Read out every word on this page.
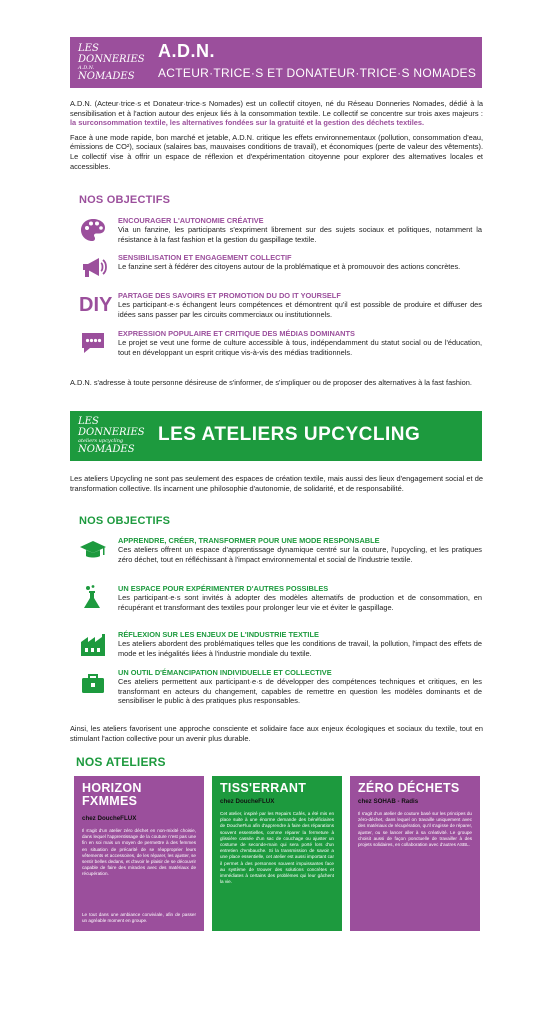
LES DONNERIES
A.D.N.
NOMADES
A.D.N.
ACTEUR·TRICE·S ET DONATEUR·TRICE·S NOMADES

A.D.N. (Acteur·trice·s et Donateur·trice·s Nomades) est un collectif citoyen, né du Réseau Donneries Nomades, dédié à la sensibilisation et à l'action autour des enjeux liés à la consommation textile. Le collectif se concentre sur trois axes majeurs : la surconsommation textile, les alternatives fondées sur la gratuité et la gestion des déchets textiles.

Face à une mode rapide, bon marché et jetable, A.D.N. critique les effets environnementaux (pollution, consommation d'eau, émissions de CO²), sociaux (salaires bas, mauvaises conditions de travail), et économiques (perte de valeur des vêtements). Le collectif vise à offrir un espace de réflexion et d'expérimentation citoyenne pour explorer des alternatives locales et accessibles.

NOS OBJECTIFS
ENCOURAGER L'AUTONOMIE CRÉATIVE
Via un fanzine, les participants s'expriment librement sur des sujets sociaux et politiques, notamment la résistance à la fast fashion et la gestion du gaspillage textile.
SENSIBILISATION ET ENGAGEMENT COLLECTIF
Le fanzine sert à fédérer des citoyens autour de la problématique et à promouvoir des actions concrètes.
DIY PARTAGE DES SAVOIRS ET PROMOTION DU DO IT YOURSELF
Les participant·e·s échangent leurs compétences et démontrent qu'il est possible de produire et diffuser des idées sans passer par les circuits commerciaux ou institutionnels.
EXPRESSION POPULAIRE ET CRITIQUE DES MÉDIAS DOMINANTS
Le projet se veut une forme de culture accessible à tous, indépendamment du statut social ou de l'éducation, tout en développant un esprit critique vis-à-vis des médias traditionnels.

A.D.N. s'adresse à toute personne désireuse de s'informer, de s'impliquer ou de proposer des alternatives à la fast fashion.

LES DONNERIES
ateliers upcycling
NOMADES
LES ATELIERS UPCYCLING

Les ateliers Upcycling ne sont pas seulement des espaces de création textile, mais aussi des lieux d'engagement social et de transformation collective. Ils incarnent une philosophie d'autonomie, de solidarité, et de responsabilité.

NOS OBJECTIFS
APPRENDRE, CRÉER, TRANSFORMER POUR UNE MODE RESPONSABLE
Ces ateliers offrent un espace d'apprentissage dynamique centré sur la couture, l'upcycling, et les pratiques zéro déchet, tout en réfléchissant à l'impact environnemental et social de l'industrie textile.
UN ESPACE POUR EXPÉRIMENTER D'AUTRES POSSIBLES
Les participant·e·s sont invités à adopter des modèles alternatifs de production et de consommation, en récupérant et transformant des textiles pour prolonger leur vie et éviter le gaspillage.
RÉFLEXION SUR LES ENJEUX DE L'INDUSTRIE TEXTILE
Les ateliers abordent des problématiques telles que les conditions de travail, la pollution, l'impact des effets de mode et les inégalités liées à l'industrie mondiale du textile.
UN OUTIL D'ÉMANCIPATION INDIVIDUELLE ET COLLECTIVE
Ces ateliers permettent aux participant·e·s de développer des compétences techniques et critiques, en les transformant en acteurs du changement, capables de remettre en question les modèles dominants et de sensibiliser le public à des pratiques plus responsables.

Ainsi, les ateliers favorisent une approche consciente et solidaire face aux enjeux écologiques et sociaux du textile, tout en stimulant l'action collective pour un avenir plus durable.

NOS ATELIERS
HORIZON
FXMMES
chez DoucheFLUX
Il s'agit d'un atelier zéro déchet en non-mixité choisie, dans lequel l'apprentissage de la couture n'est pas une fin en soi mais un moyen de permettre à des femmes en situation de précarité de se réapproprier leurs vêtements et accessoires, de les réparer, les ajuster, se sentir belles dedans, et d'avoir le plaisir de se découvrir capable de faire des miracles avec des matériaux de récupération.
Le tout dans une ambiance conviviale, afin de passer un agréable moment en groupe.
TISS'ERRANT
chez DoucheFLUX
Cet atelier, inspiré par les Repairs Cafés, a été mis en place suite à une énorme demande des bénéficiaires de DoucheFlux afin d'apprendre à faire des réparations souvent essentielles, comme réparer la fermeture à glissière cassée d'un sac de couchage ou ajuster un costume de seconde-main qui sera porté lors d'un entretien d'embauche. Si la transmission de savoir a une place essentielle, cet atelier est aussi important car il permet à des personnes souvent impuissantes face au système de trouver des solutions concrètes et immédiates à certains des problèmes qui leur gâchent la vie.
ZÉRO DÉCHETS
chez SOHAB - Radis
Il s'agit d'un atelier de couture basé sur les principes du zéro-déchet, dans lequel on travaille uniquement avec des matériaux de récupération, qu'il s'agisse de réparer, ajuster, ou se lancer aller à sa créativité. Le groupe choisit aussi de façon ponctuelle de travailler à des projets solidaires, en collaboration avec d'autres ASBL.
